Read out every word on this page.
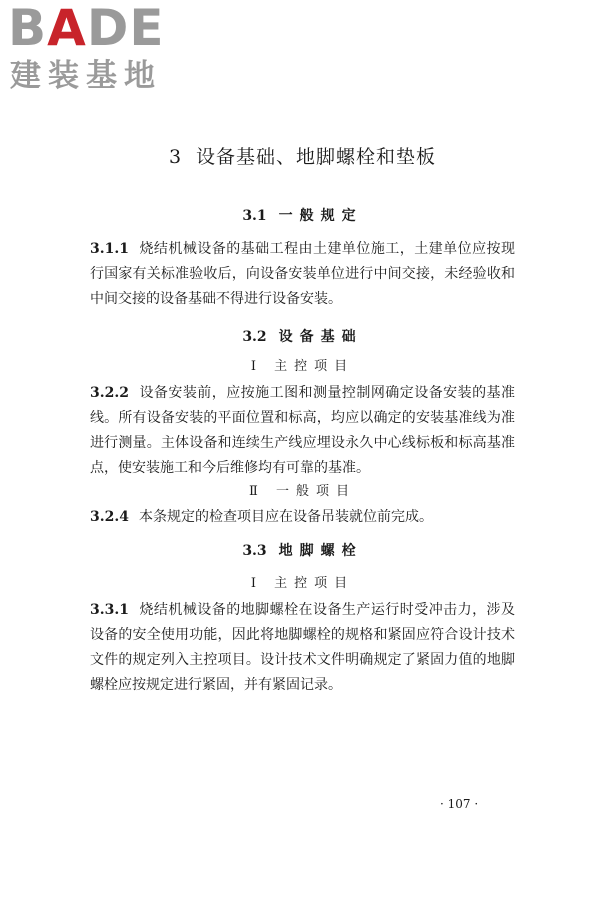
BADE
建装基地
3 设备基础、地脚螺栓和垫板
3.1 一般规定
3.1.1 烧结机械设备的基础工程由土建单位施工，土建单位应按现行国家有关标准验收后，向设备安装单位进行中间交接，未经验收和中间交接的设备基础不得进行设备安装。
3.2 设备基础
Ⅰ 主控项目
3.2.2 设备安装前，应按施工图和测量控制网确定设备安装的基准线。所有设备安装的平面位置和标高，均应以确定的安装基准线为准进行测量。主体设备和连续生产线应埋设永久中心线标板和标高基准点，使安装施工和今后维修均有可靠的基准。
Ⅱ 一般项目
3.2.4 本条规定的检查项目应在设备吊装就位前完成。
3.3 地脚螺栓
Ⅰ 主控项目
3.3.1 烧结机械设备的地脚螺栓在设备生产运行时受冲击力，涉及设备的安全使用功能，因此将地脚螺栓的规格和紧固应符合设计技术文件的规定列入主控项目。设计技术文件明确规定了紧固力值的地脚螺栓应按规定进行紧固，并有紧固记录。
· 107 ·
